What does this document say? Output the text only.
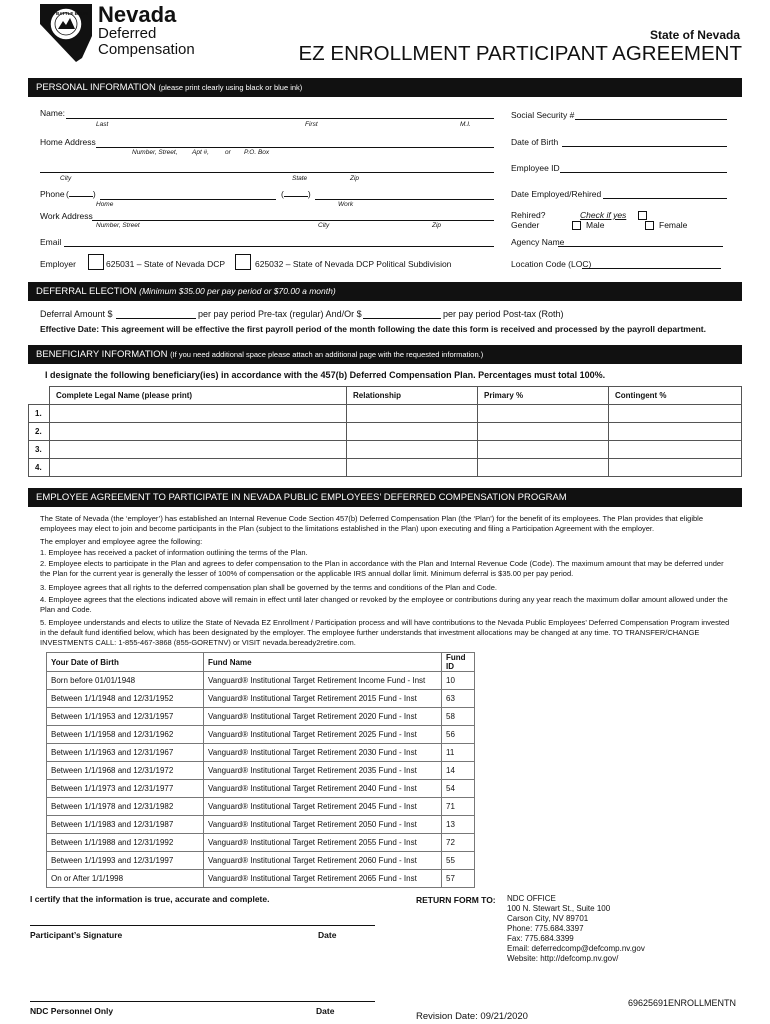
BATTLE BORN Nevada
Deferred
Compensation
State of Nevada
EZ ENROLLMENT PARTICIPANT AGREEMENT
PERSONAL INFORMATION (please print clearly using black or blue ink)
Name:
Last	First	M.I.
Home Address
Number, Street, Apt #, or P.O. Box
City	State	Zip
Phone (	)	(	)
Home	Work
Work Address
Number, Street	City	Zip
Email
Employer	625031 – State of Nevada DCP	625032 – State of Nevada DCP Political Subdivision
Social Security #
Date of Birth
Employee ID
Date Employed/Rehired
Rehired?	Check if yes
Gender	Male	Female
Agency Name
Location Code (LOC)
DEFERRAL ELECTION (Minimum $35.00 per pay period or $70.00 a month)
Deferral Amount $	per pay period Pre-tax (regular) And/Or $	per pay period Post-tax (Roth)
Effective Date: This agreement will be effective the first payroll period of the month following the date this form is received and processed by the payroll department.
BENEFICIARY INFORMATION (If you need additional space please attach an additional page with the requested information.)
I designate the following beneficiary(ies) in accordance with the 457(b) Deferred Compensation Plan. Percentages must total 100%.
	Complete Legal Name (please print)	Relationship	Primary %	Contingent %
1.				
2.				
3.				
4.				
EMPLOYEE AGREEMENT TO PARTICIPATE IN NEVADA PUBLIC EMPLOYEES’ DEFERRED COMPENSATION PROGRAM
The State of Nevada (the ‘employer’) has established an Internal Revenue Code Section 457(b) Deferred Compensation Plan (the ‘Plan’) for the benefit of its employees. The Plan provides that eligible employees may elect to join and become participants in the Plan (subject to the limitations established in the Plan) upon executing and filing a Participation Agreement with the employer.
The employer and employee agree the following:
1. Employee has received a packet of information outlining the terms of the Plan.
2. Employee elects to participate in the Plan and agrees to defer compensation to the Plan in accordance with the Plan and Internal Revenue Code (Code). The maximum amount that may be deferred under the Plan for the current year is generally the lesser of 100% of compensation or the applicable IRS annual dollar limit. Minimum deferral is $35.00 per pay period.
3. Employee agrees that all rights to the deferred compensation plan shall be governed by the terms and conditions of the Plan and Code.
4. Employee agrees that the elections indicated above will remain in effect until later changed or revoked by the employee or contributions during any year reach the maximum dollar amount allowed under the Plan and Code.
5. Employee understands and elects to utilize the State of Nevada EZ Enrollment / Participation process and will have contributions to the Nevada Public Employees’ Deferred Compensation Program invested in the default fund identified below, which has been designated by the employer. The employee further understands that investment allocations may be changed at any time. TO TRANSFER/CHANGE INVESTMENTS CALL: 1-855-467-3868 (855-GORETNV) or VISIT nevada.beready2retire.com.
Your Date of Birth	Fund Name	Fund ID
Born before 01/01/1948	Vanguard® Institutional Target Retirement Income Fund - Inst	10
Between 1/1/1948 and 12/31/1952	Vanguard® Institutional Target Retirement 2015 Fund - Inst	63
Between 1/1/1953 and 12/31/1957	Vanguard® Institutional Target Retirement 2020 Fund - Inst	58
Between 1/1/1958 and 12/31/1962	Vanguard® Institutional Target Retirement 2025 Fund - Inst	56
Between 1/1/1963 and 12/31/1967	Vanguard® Institutional Target Retirement 2030 Fund - Inst	11
Between 1/1/1968 and 12/31/1972	Vanguard® Institutional Target Retirement 2035 Fund - Inst	14
Between 1/1/1973 and 12/31/1977	Vanguard® Institutional Target Retirement 2040 Fund - Inst	54
Between 1/1/1978 and 12/31/1982	Vanguard® Institutional Target Retirement 2045 Fund - Inst	71
Between 1/1/1983 and 12/31/1987	Vanguard® Institutional Target Retirement 2050 Fund - Inst	13
Between 1/1/1988 and 12/31/1992	Vanguard® Institutional Target Retirement 2055 Fund - Inst	72
Between 1/1/1993 and 12/31/1997	Vanguard® Institutional Target Retirement 2060 Fund - Inst	55
On or After 1/1/1998	Vanguard® Institutional Target Retirement 2065 Fund - Inst	57
I certify that the information is true, accurate and complete.
Participant’s Signature	Date
NDC Personnel Only	Date
RETURN FORM TO: NDC OFFICE
100 N. Stewart St., Suite 100
Carson City, NV 89701
Phone: 775.684.3397
Fax: 775.684.3399
Email: deferredcomp@defcomp.nv.gov
Website: http://defcomp.nv.gov/
69625691ENROLLMENTN
Revision Date: 09/21/2020
